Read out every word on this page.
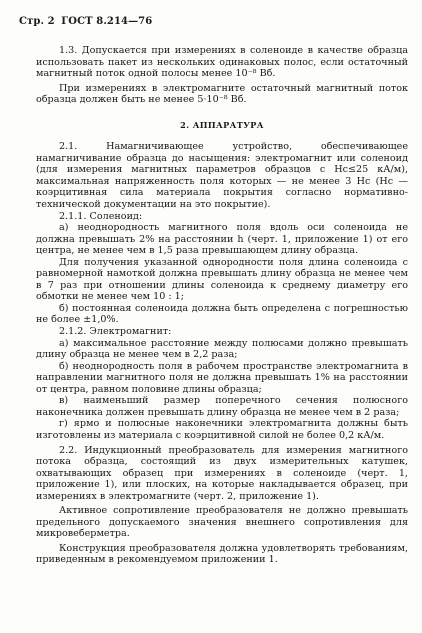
Стр. 2 ГОСТ 8.214—76

1.3. Допускается при измерениях в соленоиде в качестве образца использовать пакет из нескольких одинаковых полос, если остаточный магнитный поток одной полосы менее 10⁻⁸ Вб.

При измерениях в электромагните остаточный магнитный поток образца должен быть не менее 5·10⁻⁸ Вб.

2. АППАРАТУРА

2.1. Намагничивающее устройство, обеспечивающее намагничивание образца до насыщения: электромагнит или соленоид (для измерения магнитных параметров образцов с Hc≤25 кА/м), максимальная напряженность поля которых — не менее 3 Hc (Hc — коэрцитивная сила материала покрытия согласно нормативно-технической документации на это покрытие).

2.1.1. Соленоид:

а) неоднородность магнитного поля вдоль оси соленоида не должна превышать 2% на расстоянии h (черт. 1, приложение 1) от его центра, не менее чем в 1,5 раза превышающем длину образца.

Для получения указанной однородности поля длина соленоида с равномерной намоткой должна превышать длину образца не менее чем в 7 раз при отношении длины соленоида к среднему диаметру его обмотки не менее чем 10 : 1;

б) постоянная соленоида должна быть определена с погрешностью не более ±1,0%.

2.1.2. Электромагнит:

а) максимальное расстояние между полюсами должно превышать длину образца не менее чем в 2,2 раза;

б) неоднородность поля в рабочем пространстве электромагнита в направлении магнитного поля не должна превышать 1% на расстоянии от центра, равном половине длины образца;

в) наименьший размер поперечного сечения полюсного наконечника должен превышать длину образца не менее чем в 2 раза;

г) ярмо и полюсные наконечники электромагнита должны быть изготовлены из материала с коэрцитивной силой не более 0,2 кА/м.

2.2. Индукционный преобразователь для измерения магнитного потока образца, состоящий из двух измерительных катушек, охватывающих образец при измерениях в соленоиде (черт. 1, приложение 1), или плоских, на которые накладывается образец, при измерениях в электромагните (черт. 2, приложение 1).

Активное сопротивление преобразователя не должно превышать предельного допускаемого значения внешнего сопротивления для микровеберметра.

Конструкция преобразователя должна удовлетворять требованиям, приведенным в рекомендуемом приложении 1.
